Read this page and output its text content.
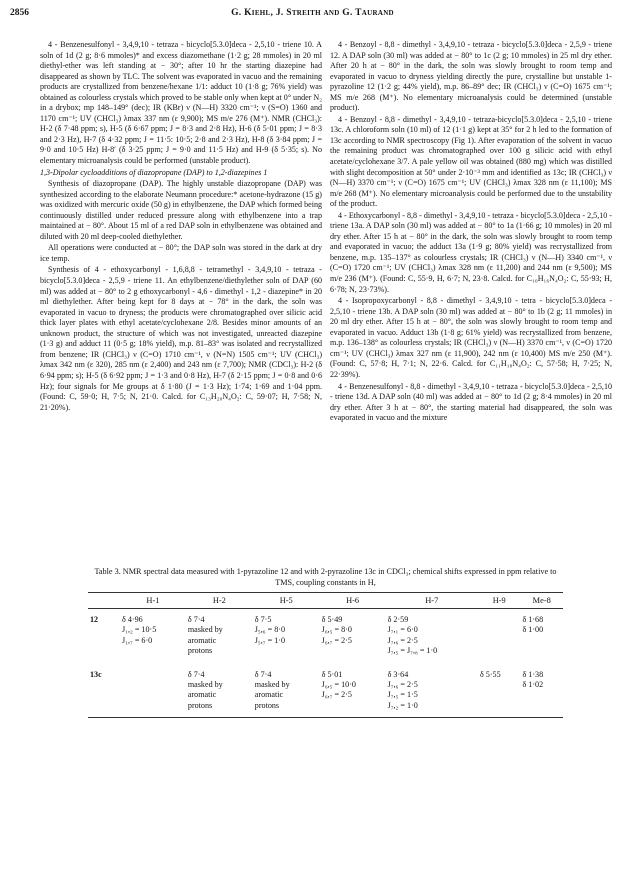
2856	G. Kiehl, J. Streith and G. Taurand

4 - Benzenesulfonyl - 3,4,9,10 - tetraza - bicyclo[5.3.0]deca - 2,5,10 - triene 10. A soln of 1d (2 g; 8·6 mmoles)* and excess diazomethane (1·2 g; 28 mmoles) in 20 ml diethyl-ether was left standing at − 30°; after 10 hr the starting diazepine had disappeared as shown by TLC. The solvent was evaporated in vacuo and the remaining products are crystallized from benzene/hexane 1/1: adduct 10 (1·8 g; 76% yield) was obtained as colourless crystals which proved to be stable only when kept at 0° under N₂ in a drybox; mp 148–149° (dec); IR (KBr) ν (N—H) 3320 cm⁻¹; ν (S=O) 1360 and 1170 cm⁻¹; UV (CHCl₃) λmax 337 nm (ε 9,900); MS m/e 276 (M⁺). NMR (CHCl₃): H-2 (δ 7·48 ppm; s), H-5 (δ 6·67 ppm; J = 8·3 and 2·8 Hz), H-6 (δ 5·01 ppm; J = 8·3 and 2·3 Hz), H-7 (δ 4·32 ppm; J = 11·5: 10·5; 2·8 and 2·3 Hz), H-8 (δ 3·84 ppm; J = 9·0 and 10·5 Hz) H-8′ (δ 3·25 ppm; J = 9·0 and 11·5 Hz) and H-9 (δ 5·35; s). No elementary microanalysis could be performed (unstable product).

1,3-Dipolar cycloadditions of diazopropane (DAP) to 1,2-diazepines 1

Synthesis of diazopropane (DAP). The highly unstable diazopropane (DAP) was synthesized according to the elaborate Neumann procedure:* acetone-hydrazone (15 g) was oxidized with mercuric oxide (50 g) in ethylbenzene, the DAP which formed being continuously distilled under reduced pressure along with ethylbenzene into a trap maintained at − 80°. About 15 ml of a red DAP soln in ethylbenzene was obtained and diluted with 20 ml deep-cooled diethylether.

All operations were conducted at − 80°; the DAP soln was stored in the dark at dry ice temp.

Synthesis of 4 - ethoxycarbonyl - 1,6,8,8 - tetramethyl - 3,4,9,10 - tetraza - bicyclo[5.3.0]deca - 2,5,9 - triene 11. An ethylbenzene/diethylether soln of DAP (60 ml) was added at − 80° to 2 g ethoxycarbonyl - 4,6 - dimethyl - 1,2 - diazepine* in 20 ml diethylether. After being kept for 8 days at − 78° in the dark, the soln was evaporated in vacuo to dryness; the products were chromatographed over silicic acid thick layer plates with ethyl acetate/cyclohexane 2/8. Besides minor amounts of an unknown product, the structure of which was not investigated, unreacted diazepine (1·3 g) and adduct 11 (0·5 g; 18% yield), m.p. 81–83° was isolated and recrystallized from benzene; IR (CHCl₃) ν (C=O) 1710 cm⁻¹, ν (N=N) 1505 cm⁻¹; UV (CHCl₃) λmax 342 nm (ε 320), 285 nm (ε 2,400) and 243 nm (ε 7,700); NMR (CDCl₃): H-2 (δ 6·94 ppm; s); H-5 (δ 6·92 ppm; J = 1·3 and 0·8 Hz), H-7 (δ 2·15 ppm; J = 0·8 and 0·6 Hz); four signals for Me groups at δ 1·80 (J = 1·3 Hz); 1·74; 1·69 and 1·04 ppm. (Found: C, 59·0; H, 7·5; N, 21·0. Calcd. for C₁₃H₂₀N₄O₂: C, 59·07; H, 7·58; N, 21·20%).

4 - Benzoyl - 8,8 - dimethyl - 3,4,9,10 - tetraza - bicyclo[5.3.0]deca - 2,5,9 - triene 12. A DAP soln (30 ml) was added at − 80° to 1c (2 g; 10 mmoles) in 25 ml dry ether. After 20 h at − 80° in the dark, the soln was slowly brought to room temp and evaporated in vacuo to dryness yielding directly the pure, crystalline but unstable 1-pyrazoline 12 (1·2 g; 44% yield), m.p. 86–89° dec; IR (CHCl₃) ν (C=O) 1675 cm⁻¹; MS m/e 268 (M⁺). No elementary microanalysis could be determined (unstable product).

4 - Benzoyl - 8,8 - dimethyl - 3,4,9,10 - tetraza-bicyclo[5.3.0]deca - 2,5,10 - triene 13c. A chloroform soln (10 ml) of 12 (1·1 g) kept at 35° for 2 h led to the formation of 13c according to NMR spectroscopy (Fig 1). After evaporation of the solvent in vacuo the remaining product was chromatographed over 100 g silicic acid with ethyl acetate/cyclohexane 3/7. A pale yellow oil was obtained (880 mg) which was distilled with slight decomposition at 50° under 2·10⁻³ mm and identified as 13c; IR (CHCl₃) ν (N—H) 3370 cm⁻¹; ν (C=O) 1675 cm⁻¹; UV (CHCl₃) λmax 328 nm (ε 11,100); MS m/e 268 (M⁺). No elementary microanalysis could be performed due to the unstability of the product.

4 - Ethoxycarbonyl - 8,8 - dimethyl - 3,4,9,10 - tetraza - bicyclo[5.3.0]deca - 2,5,10 - triene 13a. A DAP soln (30 ml) was added at − 80° to 1a (1·66 g; 10 mmoles) in 20 ml dry ether. After 15 h at − 80° in the dark, the soln was slowly brought to room temp and evaporated in vacuo; the adduct 13a (1·9 g; 80% yield) was recrystallized from benzene, m.p. 135–137° as colourless crystals; IR (CHCl₃) ν (N—H) 3340 cm⁻¹, ν (C=O) 1720 cm⁻¹; UV (CHCl₃) λmax 328 nm (ε 11,200) and 244 nm (ε 9,500); MS m/e 236 (M⁺). (Found: C, 55·9, H, 6·7; N, 23·8. Calcd. for C₁₀H₁₆N₄O₂: C, 55·93; H, 6·78; N, 23·73%).

4 - Isopropoxycarbonyl - 8,8 - dimethyl - 3,4,9,10 - tetra - bicyclo[5.3.0]deca - 2,5,10 - triene 13b. A DAP soln (30 ml) was added at − 80° to 1b (2 g; 11 mmoles) in 20 ml dry ether. After 15 h at − 80°, the soln was slowly brought to room temp and evaporated in vacuo. Adduct 13b (1·8 g; 61% yield) was recrystallized from benzene, m.p. 136–138° as colourless crystals; IR (CHCl₃) ν (N—H) 3370 cm⁻¹, ν (C=O) 1720 cm⁻¹; UV (CHCl₃) λmax 327 nm (ε 11,900), 242 nm (ε 10,400) MS m/e 250 (M⁺). (Found: C, 57·8; H, 7·1; N, 22·6. Calcd. for C₁₁H₁₈N₄O₂: C, 57·58; H, 7·25; N, 22·39%).

4 - Benzenesulfonyl - 8,8 - dimethyl - 3,4,9,10 - tetraza - bicyclo[5.3.0]deca - 2,5,10 - triene 13d. A DAP soln (40 ml) was added at − 80° to 1d (2 g; 8·4 mmoles) in 20 ml dry ether. After 3 h at − 80°, the starting material had disappeared, the soln was evaporated in vacuo and the mixture

Table 3. NMR spectral data measured with 1-pyrazoline 12 and with 2-pyrazoline 13c in CDCl₃; chemical shifts expressed in ppm relative to TMS, coupling constants in H,
	H-1	H-2	H-5	H-6	H-7	H-9	Me-8
12	δ 4·96
J₁,₂ = 10·5
J₁,₇ = 6·0	δ 7·4
masked by
aromatic
protons	δ 7·5
J₅,₆ = 8·0
J₅,₇ = 1·0	δ 5·49
J₆,₅ = 8·0
J₆,₇ = 2·5	δ 2·59
J₇,₁ = 6·0
J₇,₆ = 2·5
J₇,₅ = J₇,₈ = 1·0		δ 1·68
δ 1·00

13c		δ 7·4
masked by
aromatic
protons	δ 7·4
masked by
aromatic
protons	δ 5·01
J₆,₅ = 10·0
J₆,₇ = 2·5	δ 3·64
J₇,₆ = 2·5
J₇,₅ = 1·5
J₇,₂ = 1·0	δ 5·55	δ 1·38
δ 1·02
